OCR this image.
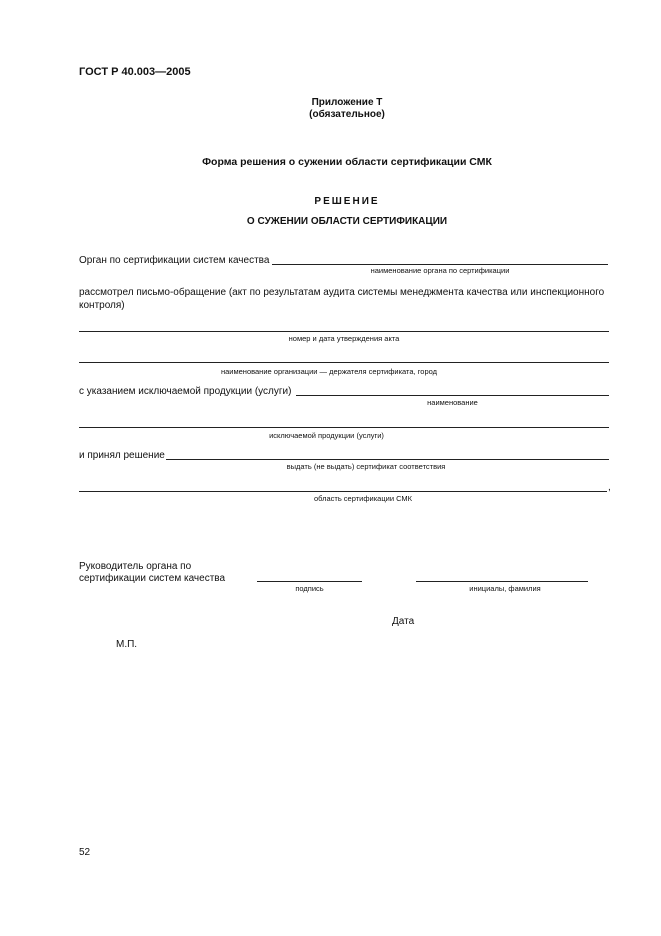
ГОСТ Р 40.003—2005
Приложение Т
(обязательное)
Форма решения о сужении области сертификации СМК
РЕШЕНИЕ
О СУЖЕНИИ ОБЛАСТИ СЕРТИФИКАЦИИ
Орган по сертификации систем качества
наименование органа по сертификации
рассмотрел письмо-обращение (акт по результатам аудита системы менеджмента качества или инспекционного контроля)
номер и дата утверждения акта
наименование организации — держателя сертификата, город
с указанием исключаемой продукции (услуги)
наименование
исключаемой продукции (услуги)
и принял решение
выдать (не выдать) сертификат соответствия
,
область сертификации СМК
Руководитель органа по
сертификации систем качества
подпись	инициалы, фамилия
Дата
М.П.
52
